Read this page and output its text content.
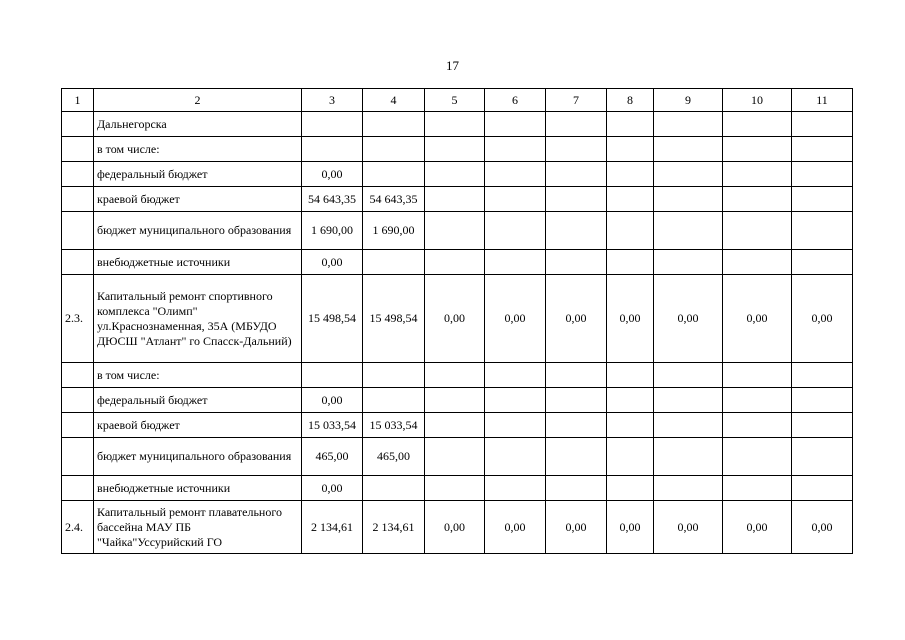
17
1	2	3	4	5	6	7	8	9	10	11
	Дальнегорска									
	в том числе:									
	федеральный бюджет	0,00								
	краевой бюджет	54 643,35	54 643,35							
	бюджет муниципального образования	1 690,00	1 690,00							
	внебюджетные источники	0,00								
2.3.	Капитальный ремонт спортивного комплекса "Олимп" ул.Краснознаменная, 35А (МБУДО ДЮСШ "Атлант" го Спасск-Дальний)	15 498,54	15 498,54	0,00	0,00	0,00	0,00	0,00	0,00	0,00
	в том числе:									
	федеральный бюджет	0,00								
	краевой бюджет	15 033,54	15 033,54							
	бюджет муниципального образования	465,00	465,00							
	внебюджетные источники	0,00								
2.4.	Капитальный ремонт плавательного бассейна МАУ ПБ "Чайка"Уссурийский ГО	2 134,61	2 134,61	0,00	0,00	0,00	0,00	0,00	0,00	0,00
